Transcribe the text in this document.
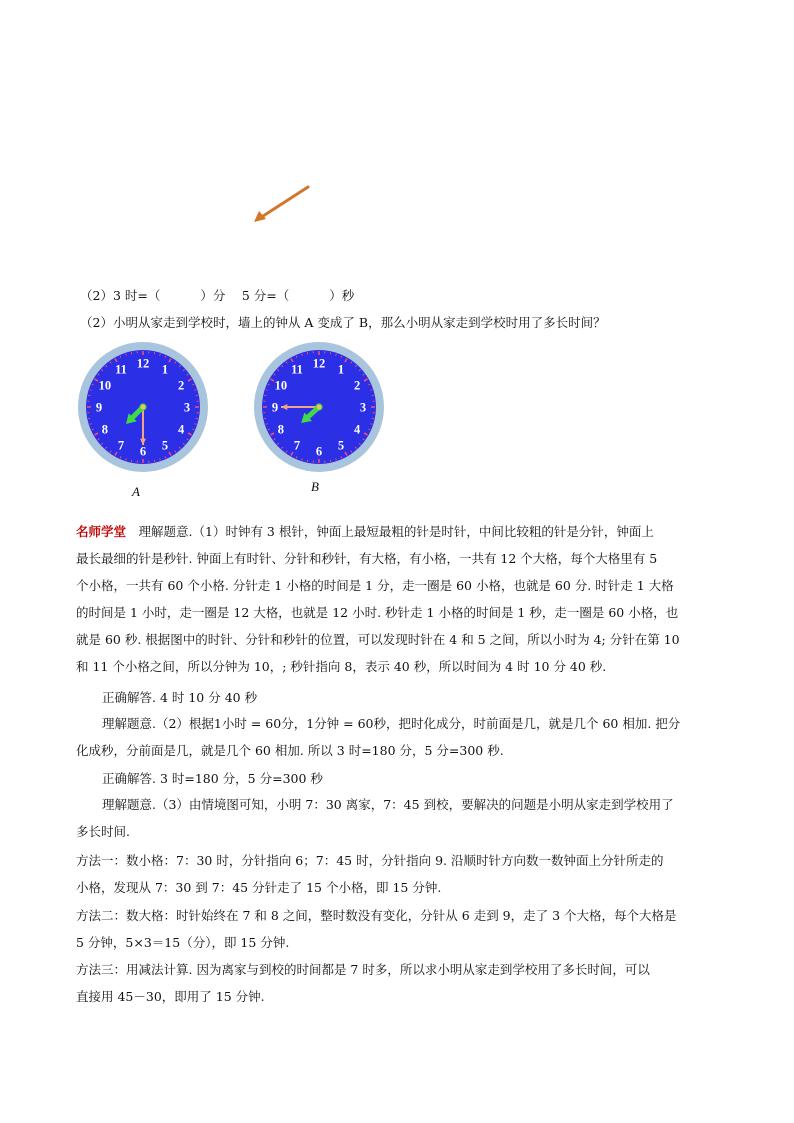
（2）3 时=（	）分　 5 分=（	）秒
（2）小明从家走到学校时，墙上的钟从 A 变成了 B，那么小明从家走到学校时用了多长时间？
12 1
2
3
4
5
6
7
8
9
10
11
A
12 1
2
3
4
5
6
7
8
9
10
11
B
名师学堂　理解题意.（1）时钟有 3 根针，钟面上最短最粗的针是时针，中间比较粗的针是分针，钟面上
最长最细的针是秒针. 钟面上有时针、分针和秒针，有大格，有小格，一共有 12 个大格，每个大格里有 5
个小格，一共有 60 个小格. 分针走 1 小格的时间是 1 分，走一圈是 60 小格，也就是 60 分. 时针走 1 大格
的时间是 1 小时，走一圈是 12 大格，也就是 12 小时. 秒针走 1 小格的时间是 1 秒，走一圈是 60 小格，也
就是 60 秒. 根据图中的时针、分针和秒针的位置，可以发现时针在 4 和 5 之间，所以小时为 4; 分针在第 10
和 11 个小格之间，所以分钟为 10，; 秒针指向 8，表示 40 秒，所以时间为 4 时 10 分 40 秒.
正确解答. 4 时 10 分 40 秒
理解题意.（2）根据1小时 = 60分，1分钟 = 60秒，把时化成分，时前面是几，就是几个 60 相加. 把分
化成秒，分前面是几，就是几个 60 相加. 所以 3 时=180 分，5 分=300 秒.
正确解答. 3 时=180 分，5 分=300 秒
理解题意.（3）由情境图可知，小明 7：30 离家，7：45 到校，要解决的问题是小明从家走到学校用了
多长时间.
方法一：数小格：7：30 时，分针指向 6；7：45 时，分针指向 9. 沿顺时针方向数一数钟面上分针所走的
小格，发现从 7：30 到 7：45 分针走了 15 个小格，即 15 分钟.
方法二：数大格：时针始终在 7 和 8 之间，整时数没有变化，分针从 6 走到 9，走了 3 个大格，每个大格是
5 分钟，5×3＝15（分），即 15 分钟.
方法三：用减法计算. 因为离家与到校的时间都是 7 时多，所以求小明从家走到学校用了多长时间，可以
直接用 45－30，即用了 15 分钟.
